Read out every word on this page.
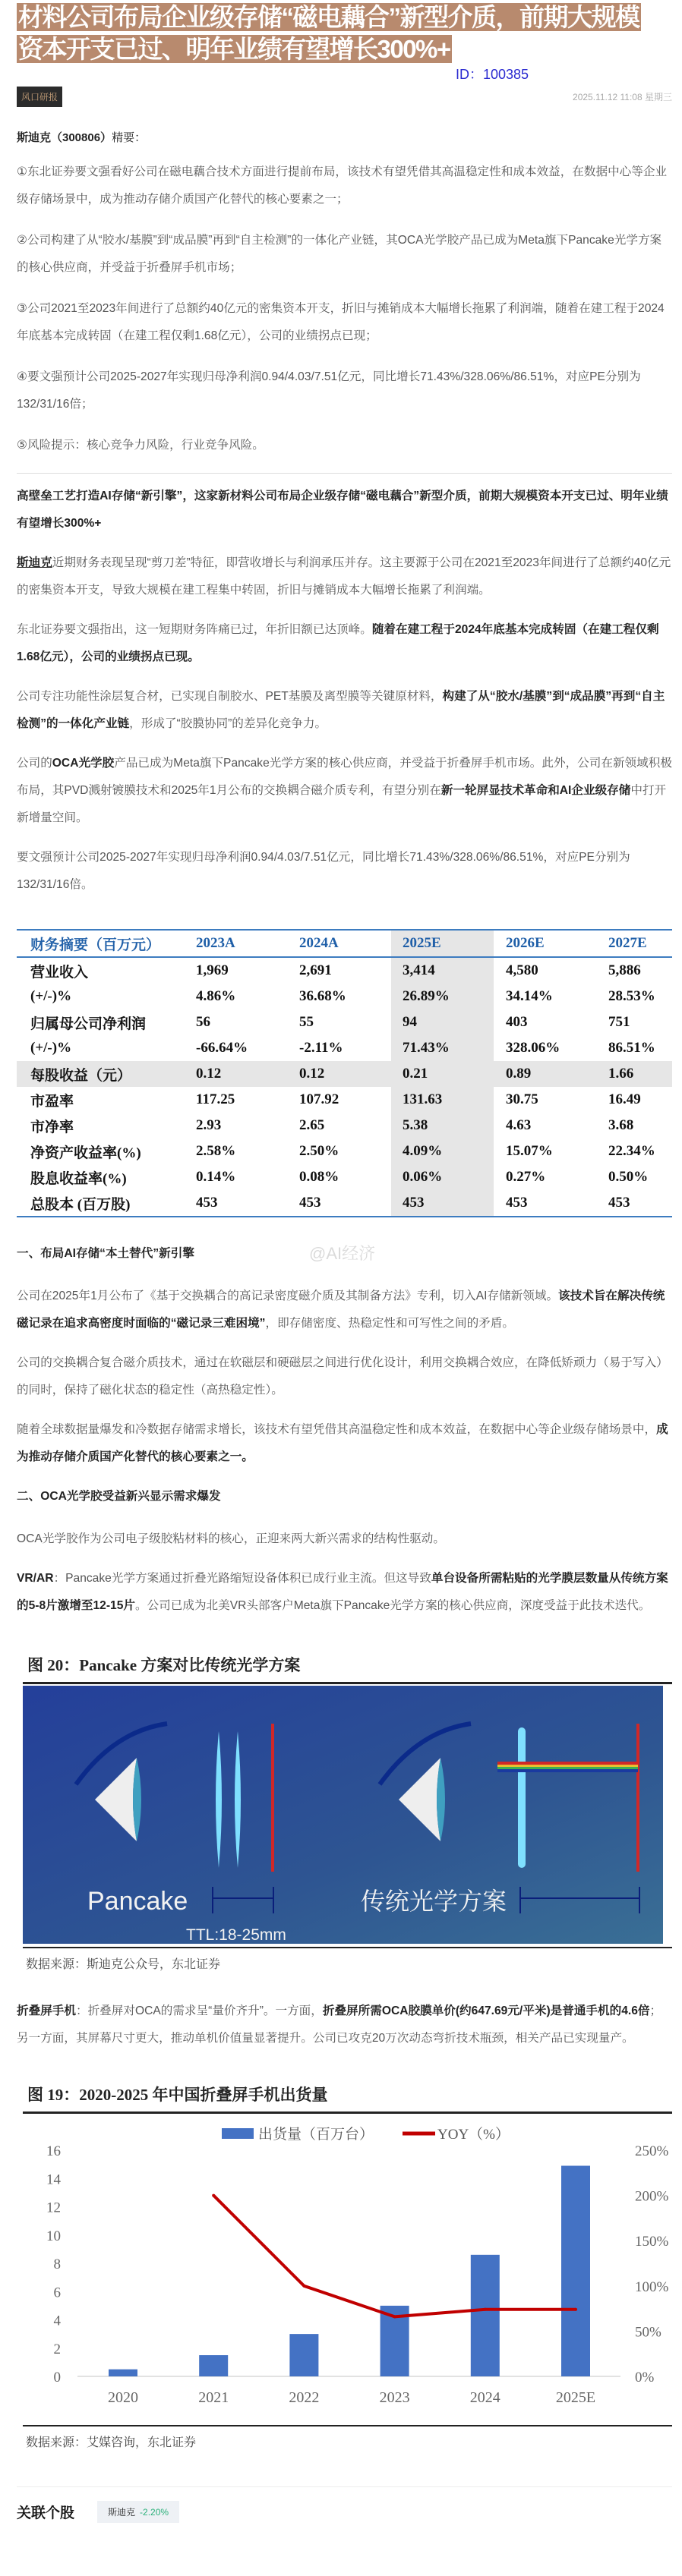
材料公司布局企业级存储“磁电藕合”新型介质，前期大规模
资本开支已过、明年业绩有望增长300%+
ID：100385
风口研报	2025.11.12 11:08 星期三
斯迪克（300806）精要：

①东北证券要文强看好公司在磁电藕合技术方面进行提前布局，该技术有望凭借其高温稳定性和成本效益，在数据中心等企业级存储场景中，成为推动存储介质国产化替代的核心要素之一；

②公司构建了从“胶水/基膜”到“成品膜”再到“自主检测”的一体化产业链，其OCA光学胶产品已成为Meta旗下Pancake光学方案的核心供应商，并受益于折叠屏手机市场；

③公司2021至2023年间进行了总额约40亿元的密集资本开支，折旧与摊销成本大幅增长拖累了利润端，随着在建工程于2024年底基本完成转固（在建工程仅剩1.68亿元），公司的业绩拐点已现；

④要文强预计公司2025-2027年实现归母净利润0.94/4.03/7.51亿元，同比增长71.43%/328.06%/86.51%，对应PE分别为132/31/16倍；

⑤风险提示：核心竞争力风险，行业竞争风险。

高壁垒工艺打造AI存储“新引擎”，这家新材料公司布局企业级存储“磁电藕合”新型介质，前期大规模资本开支已过、明年业绩有望增长300%+

斯迪克近期财务表现呈现“剪刀差”特征，即营收增长与利润承压并存。这主要源于公司在2021至2023年间进行了总额约40亿元的密集资本开支，导致大规模在建工程集中转固，折旧与摊销成本大幅增长拖累了利润端。

东北证券要文强指出，这一短期财务阵痛已过，年折旧额已达顶峰。随着在建工程于2024年底基本完成转固（在建工程仅剩1.68亿元），公司的业绩拐点已现。

公司专注功能性涂层复合材，已实现自制胶水、PET基膜及离型膜等关键原材料，构建了从“胶水/基膜”到“成品膜”再到“自主检测”的一体化产业链，形成了“胶膜协同”的差异化竞争力。

公司的OCA光学胶产品已成为Meta旗下Pancake光学方案的核心供应商，并受益于折叠屏手机市场。此外，公司在新领域积极布局，其PVD溅射镀膜技术和2025年1月公布的交换耦合磁介质专利，有望分别在新一轮屏显技术革命和AI企业级存储中打开新增量空间。

要文强预计公司2025-2027年实现归母净利润0.94/4.03/7.51亿元，同比增长71.43%/328.06%/86.51%，对应PE分别为132/31/16倍。

财务摘要（百万元） 2023A	2024A	2025E	2026E	2027E
营业收入	1,969	2,691	3,414	4,580	5,886
(+/-)%	4.86%	36.68%	26.89%	34.14%	28.53%
归属母公司净利润	56	55	94	403	751
(+/-)%	-66.64%	-2.11%	71.43%	328.06%	86.51%
每股收益（元）	0.12	0.12	0.21	0.89	1.66
市盈率	117.25	107.92	131.63	30.75	16.49
市净率	2.93	2.65	5.38	4.63	3.68
净资产收益率(%)	2.58%	2.50%	4.09%	15.07%	22.34%
股息收益率(%)	0.14%	0.08%	0.06%	0.27%	0.50%
总股本 (百万股)	453	453	453	453	453
一、布局AI存储“本土替代”新引擎	@AI经济

公司在2025年1月公布了《基于交换耦合的高记录密度磁介质及其制备方法》专利，切入AI存储新领域。该技术旨在解决传统磁记录在追求高密度时面临的“磁记录三难困境”，即存储密度、热稳定性和可写性之间的矛盾。

公司的交换耦合复合磁介质技术，通过在软磁层和硬磁层之间进行优化设计，利用交换耦合效应，在降低矫顽力（易于写入）的同时，保持了磁化状态的稳定性（高热稳定性）。

随着全球数据量爆发和冷数据存储需求增长，该技术有望凭借其高温稳定性和成本效益，在数据中心等企业级存储场景中，成为推动存储介质国产化替代的核心要素之一。

二、OCA光学胶受益新兴显示需求爆发

OCA光学胶作为公司电子级胶粘材料的核心，正迎来两大新兴需求的结构性驱动。

VR/AR：Pancake光学方案通过折叠光路缩短设备体积已成行业主流。但这导致单台设备所需粘贴的光学膜层数量从传统方案的5-8片激增至12-15片。公司已成为北美VR头部客户Meta旗下Pancake光学方案的核心供应商，深度受益于此技术迭代。

图 20：Pancake 方案对比传统光学方案
Pancake
TTL:18-25mm
传统光学方案
数据来源：斯迪克公众号，东北证券

折叠屏手机：折叠屏对OCA的需求呈“量价齐升”。一方面，折叠屏所需OCA胶膜单价(约647.69元/平米)是普通手机的4.6倍；另一方面，其屏幕尺寸更大，推动单机价值量显著提升。公司已攻克20万次动态弯折技术瓶颈，相关产品已实现量产。

图 19：2020-2025 年中国折叠屏手机出货量
0
2
4
6
8
10
12
14
16
0%
50%
100%
150%
200%
250%
2020	2021	2022	2023	2024	2025E
出货量（百万台）	YOY（%）
数据来源：艾媒咨询，东北证券
关联个股	斯迪克 -2.20%
